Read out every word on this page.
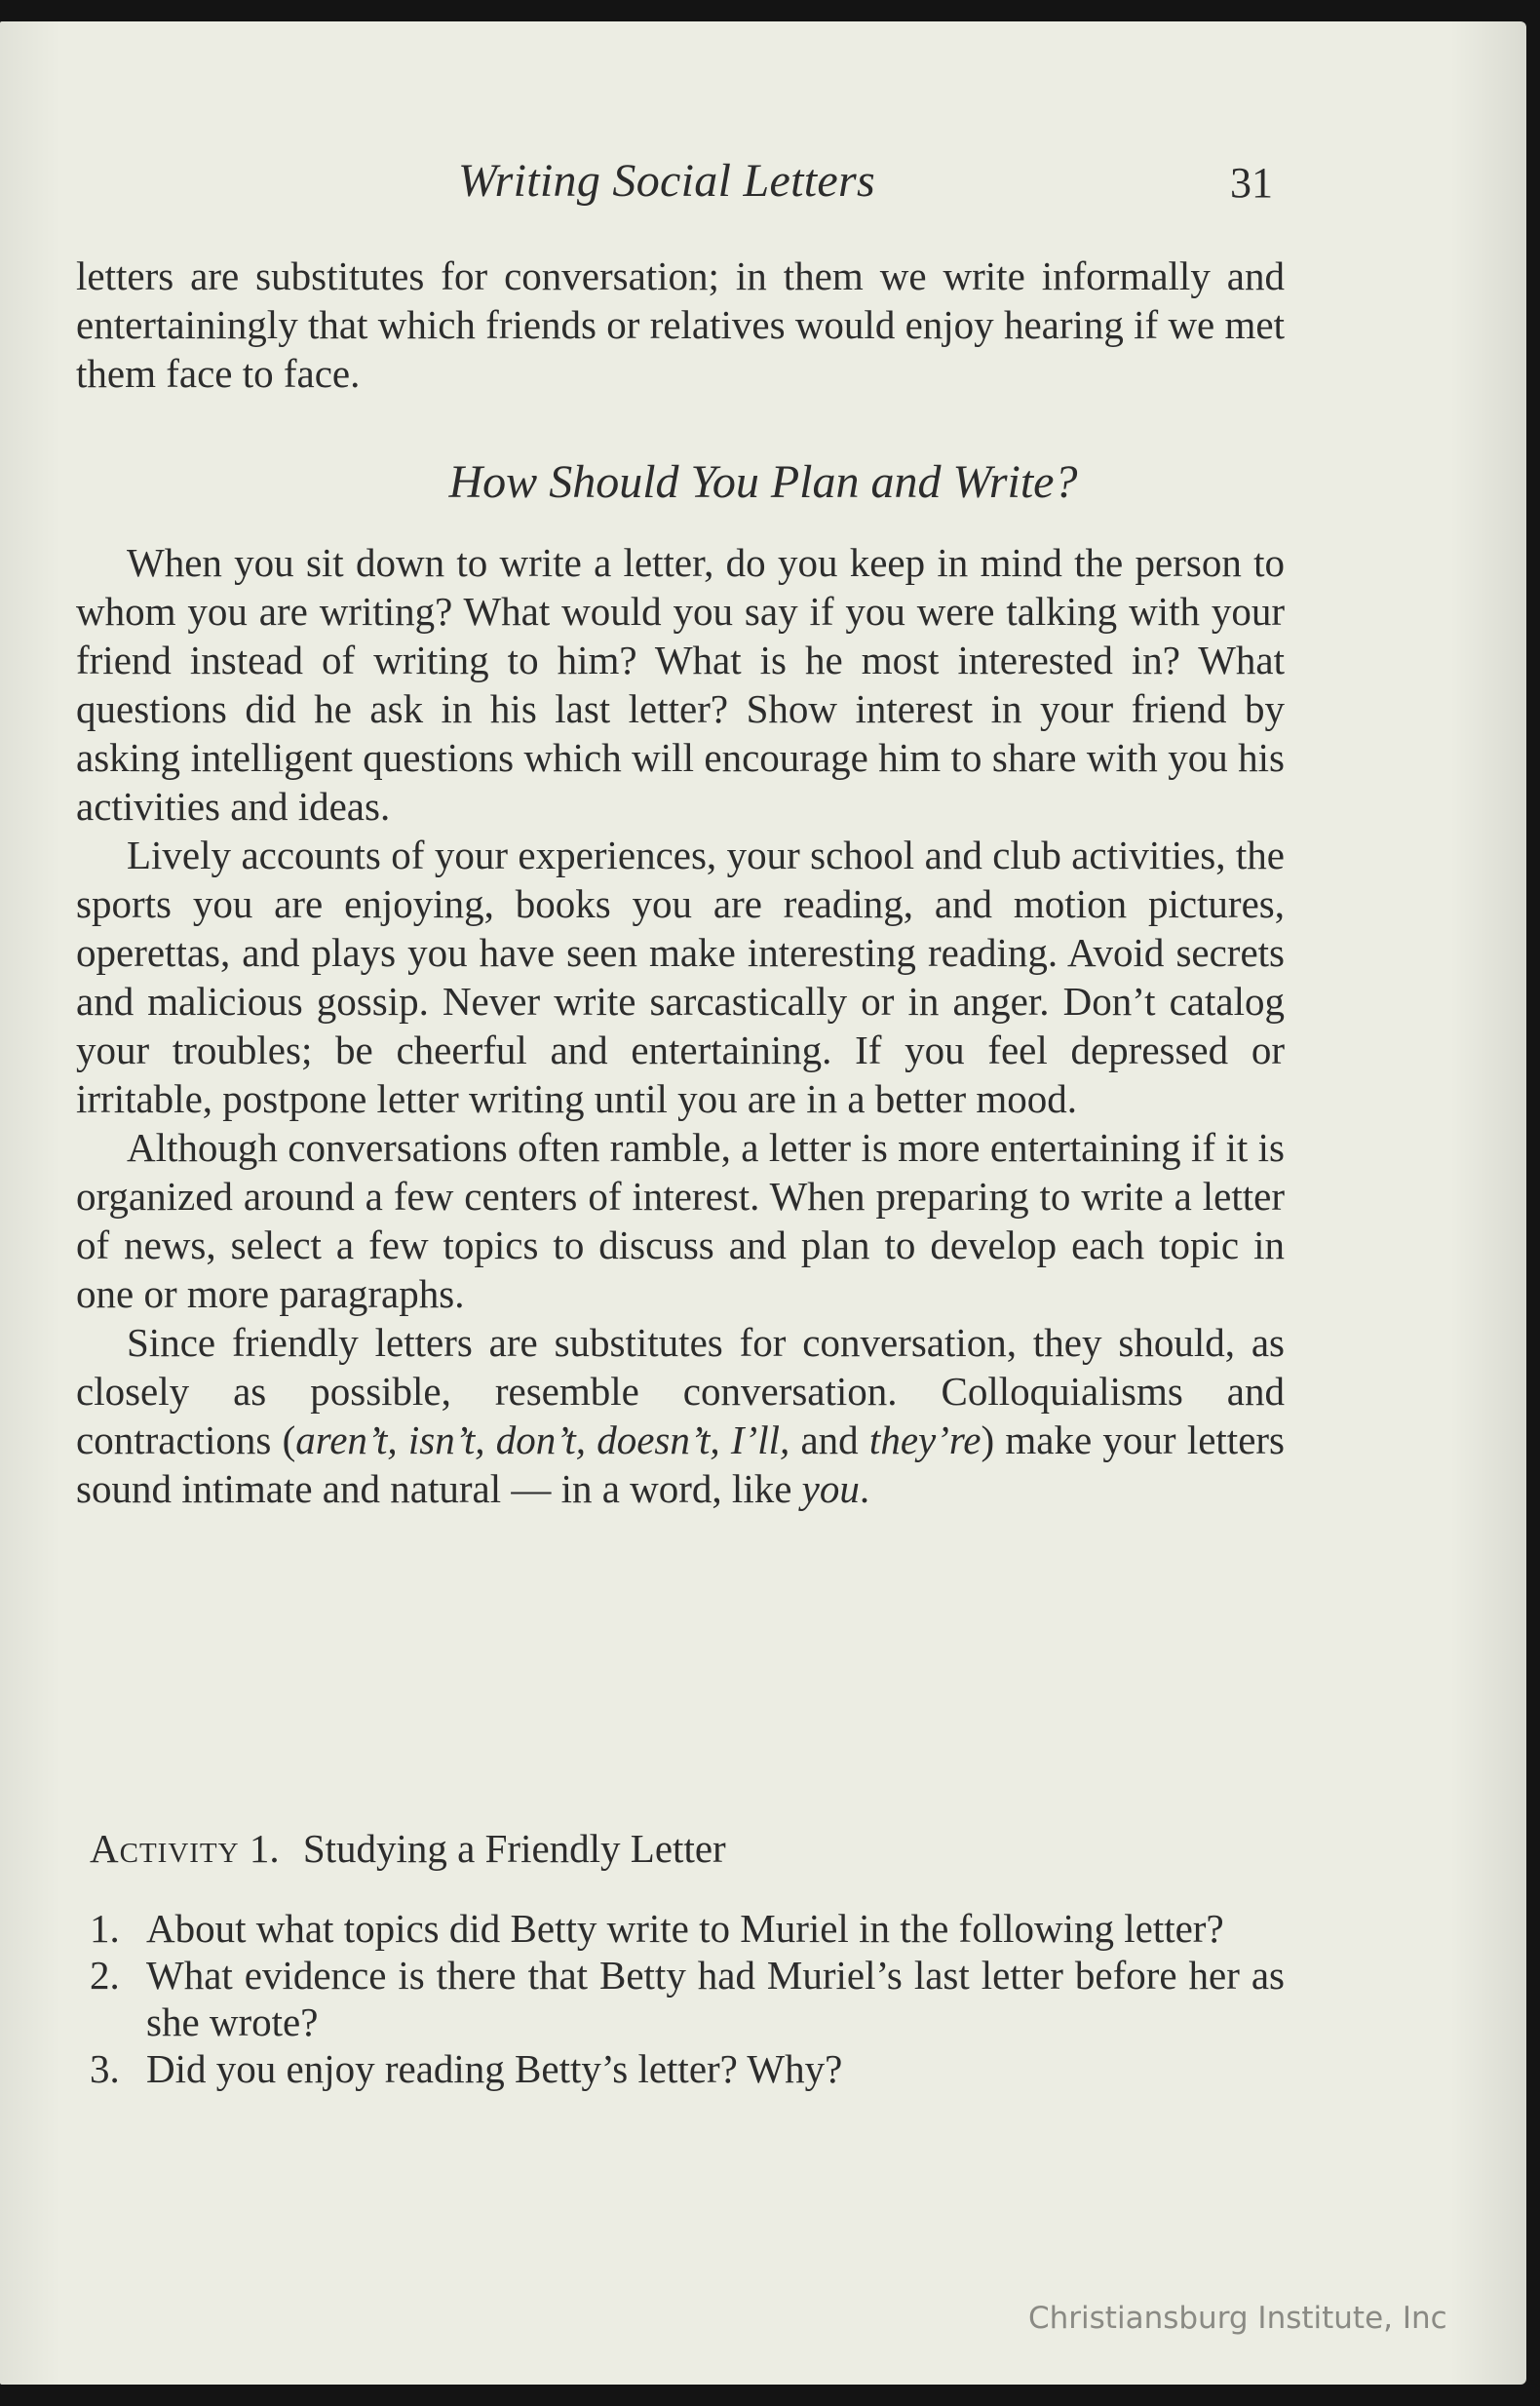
Writing Social Letters	31

letters are substitutes for conversation; in them we write informally and entertainingly that which friends or relatives would enjoy hearing if we met them face to face.

How Should You Plan and Write?

When you sit down to write a letter, do you keep in mind the person to whom you are writing? What would you say if you were talking with your friend instead of writing to him? What is he most interested in? What questions did he ask in his last letter? Show interest in your friend by asking intelligent questions which will encourage him to share with you his activities and ideas.

Lively accounts of your experiences, your school and club activities, the sports you are enjoying, books you are reading, and motion pictures, operettas, and plays you have seen make interesting reading. Avoid secrets and malicious gossip. Never write sarcastically or in anger. Don’t catalog your troubles; be cheerful and entertaining. If you feel depressed or irritable, postpone letter writing until you are in a better mood.

Although conversations often ramble, a letter is more entertaining if it is organized around a few centers of interest. When preparing to write a letter of news, select a few topics to discuss and plan to develop each topic in one or more paragraphs.

Since friendly letters are substitutes for conversation, they should, as closely as possible, resemble conversation. Colloquialisms and contractions (aren’t, isn’t, don’t, doesn’t, I’ll, and they’re) make your letters sound intimate and natural — in a word, like you.

Activity 1. Studying a Friendly Letter
1. About what topics did Betty write to Muriel in the following letter?
2. What evidence is there that Betty had Muriel’s last letter before her as she wrote?
3. Did you enjoy reading Betty’s letter? Why?
Christiansburg Institute, Inc
